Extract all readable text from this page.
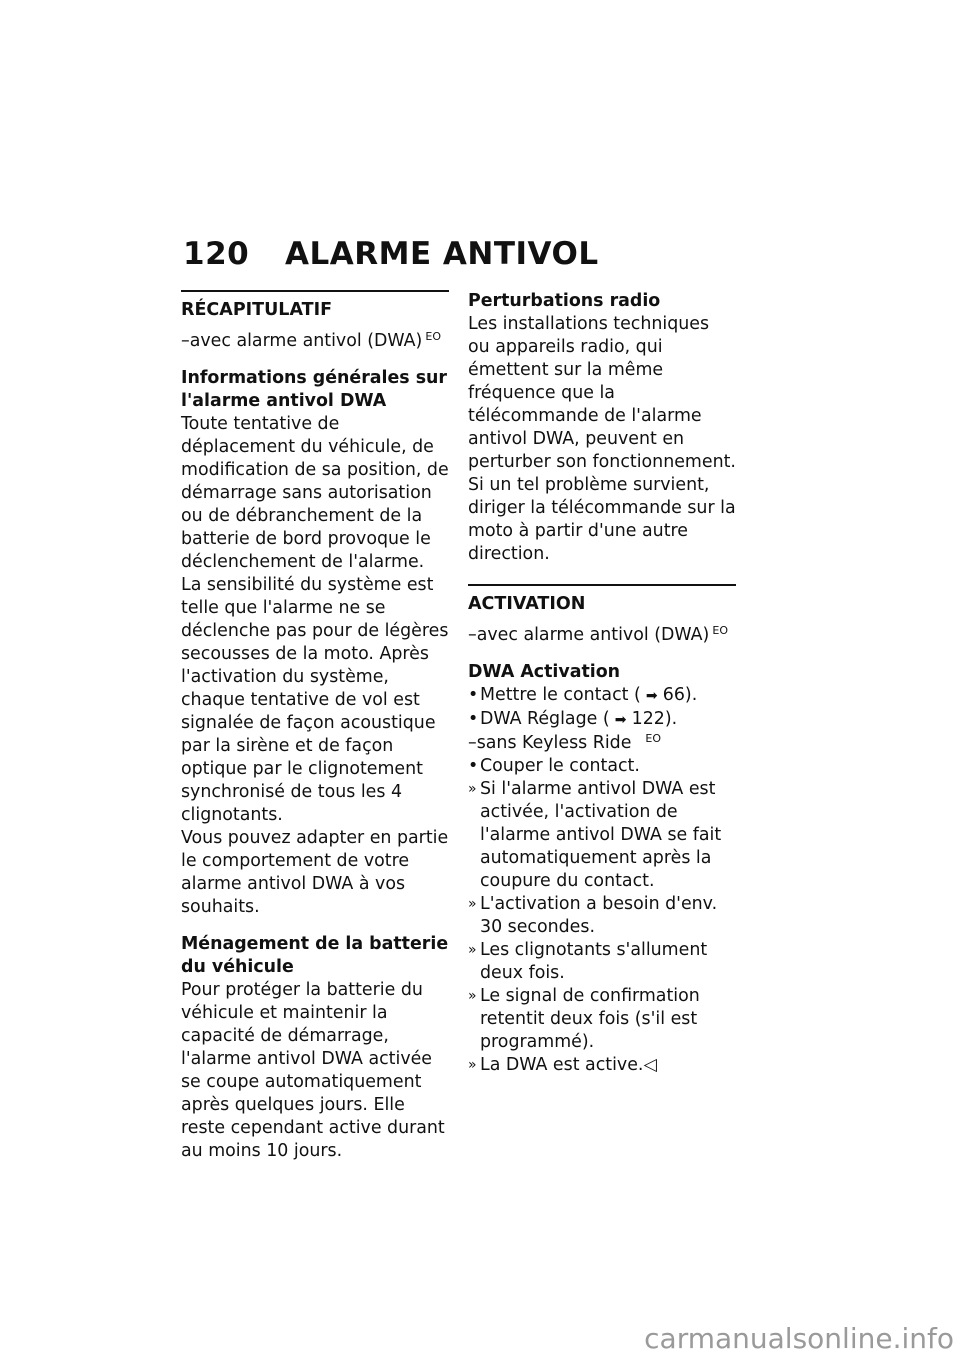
120	ALARME ANTIVOL
RÉCAPITULATIF
–avec alarme antivol (DWA) EO
Informations générales sur l'alarme antivol DWA

Toute tentative de déplacement du véhicule, de modification de sa position, de démarrage sans autorisation ou de débranchement de la batterie de bord provoque le déclenchement de l'alarme. La sensibilité du système est telle que l'alarme ne se déclenche pas pour de légères secousses de la moto. Après l'activation du système, chaque tentative de vol est signalée de façon acoustique par la sirène et de façon optique par le clignotement synchronisé de tous les 4 clignotants.

Vous pouvez adapter en partie le comportement de votre alarme antivol DWA à vos souhaits.

Ménagement de la batterie du véhicule

Pour protéger la batterie du véhicule et maintenir la capacité de démarrage, l'alarme antivol DWA activée se coupe automatiquement après quelques jours. Elle reste cependant active durant au moins 10 jours.

Perturbations radio

Les installations techniques ou appareils radio, qui émettent sur la même fréquence que la télécommande de l'alarme antivol DWA, peuvent en perturber son fonctionnement. Si un tel problème survient, diriger la télécommande sur la moto à partir d'une autre direction.

ACTIVATION
–avec alarme antivol (DWA) EO
DWA Activation
• Mettre le contact ( ➡ 66).
• DWA Réglage ( ➡ 122).
–sans Keyless Ride EO
• Couper le contact.
» Si l'alarme antivol DWA est activée, l'activation de l'alarme antivol DWA se fait automatiquement après la coupure du contact.
» L'activation a besoin d'env. 30 secondes.
» Les clignotants s'allument deux fois.
» Le signal de confirmation retentit deux fois (s'il est programmé).
» La DWA est active.◁
carmanualsonline.info
